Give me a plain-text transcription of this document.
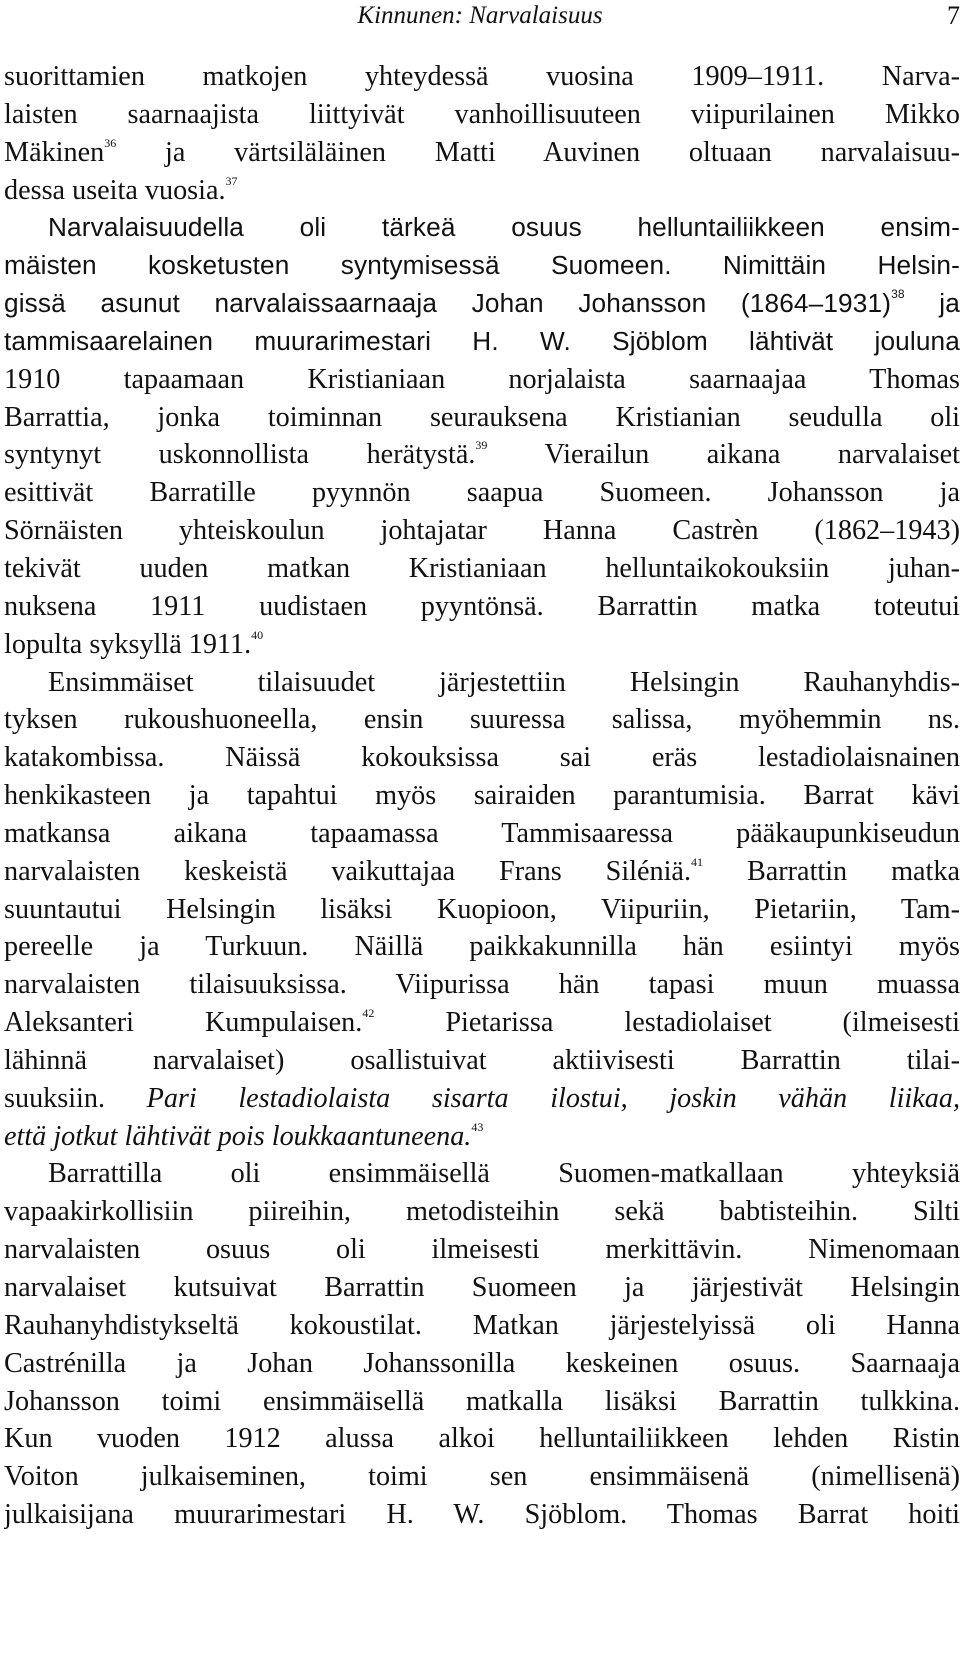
Kinnunen: Narvalaisuus	7
suorittamien matkojen yhteydessä vuosina 1909–1911. Narva-
laisten saarnaajista liittyivät vanhoillisuuteen viipurilainen Mikko
Mäkinen$^{36}$ ja värtsiläläinen Matti Auvinen oltuaan narvalaisuu-
dessa useita vuosia.$^{37}$
Narvalaisuudella oli tärkeä osuus helluntailiikkeen ensim-
mäisten kosketusten syntymisessä Suomeen. Nimittäin Helsin-
gissä asunut narvalaissaarnaaja Johan Johansson (1864–1931)$^{38}$ ja
tammisaarelainen muurarimestari H. W. Sjöblom lähtivät jouluna
1910 tapaamaan Kristianiaan norjalaista saarnaajaa Thomas
Barrattia, jonka toiminnan seurauksena Kristianian seudulla oli
syntynyt uskonnollista herätystä.$^{39}$ Vierailun aikana narvalaiset
esittivät Barratille pyynnön saapua Suomeen. Johansson ja
Sörnäisten yhteiskoulun johtajatar Hanna Castrèn (1862–1943)
tekivät uuden matkan Kristianiaan helluntaikokouksiin juhan-
nuksena 1911 uudistaen pyyntönsä. Barrattin matka toteutui
lopulta syksyllä 1911.40
Ensimmäiset tilaisuudet järjestettiin Helsingin Rauhanyhdis-
tyksen rukoushuoneella, ensin suuressa salissa, myöhemmin ns.
katakombissa. Näissä kokouksissa sai eräs lestadiolaisnainen
henkikasteen ja tapahtui myös sairaiden parantumisia. Barrat kävi
matkansa aikana tapaamassa Tammisaaressa pääkaupunkiseudun
narvalaisten keskeistä vaikuttajaa Frans Siléniä.$^{41}$ Barrattin matka
suuntautui Helsingin lisäksi Kuopioon, Viipuriin, Pietariin, Tam-
pereelle ja Turkuun. Näillä paikkakunnilla hän esiintyi myös
narvalaisten tilaisuuksissa. Viipurissa hän tapasi muun muassa
Aleksanteri Kumpulaisen.$^{42}$ Pietarissa lestadiolaiset (ilmeisesti
lähinnä narvalaiset) osallistuivat aktiivisesti Barrattin tilai-
suuksiin. Pari lestadiolaista sisarta ilostui, joskin vähän liikaa,
että jotkut lähtivät pois loukkaantuneena.$^{43}$
Barrattilla oli ensimmäisellä Suomen-matkallaan yhteyksiä
vapaakirkollisiin piireihin, metodisteihin sekä babtisteihin. Silti
narvalaisten osuus oli ilmeisesti merkittävin. Nimenomaan
narvalaiset kutsuivat Barrattin Suomeen ja järjestivät Helsingin
Rauhanyhdistykseltä kokoustilat. Matkan järjestelyissä oli Hanna
Castrénilla ja Johan Johanssonilla keskeinen osuus. Saarnaaja
Johansson toimi ensimmäisellä matkalla lisäksi Barrattin tulkkina.
Kun vuoden 1912 alussa alkoi helluntailiikkeen lehden Ristin
Voiton julkaiseminen, toimi sen ensimmäisenä (nimellisenä)
julkaisijana muurarimestari H. W. Sjöblom. Thomas Barrat hoiti
